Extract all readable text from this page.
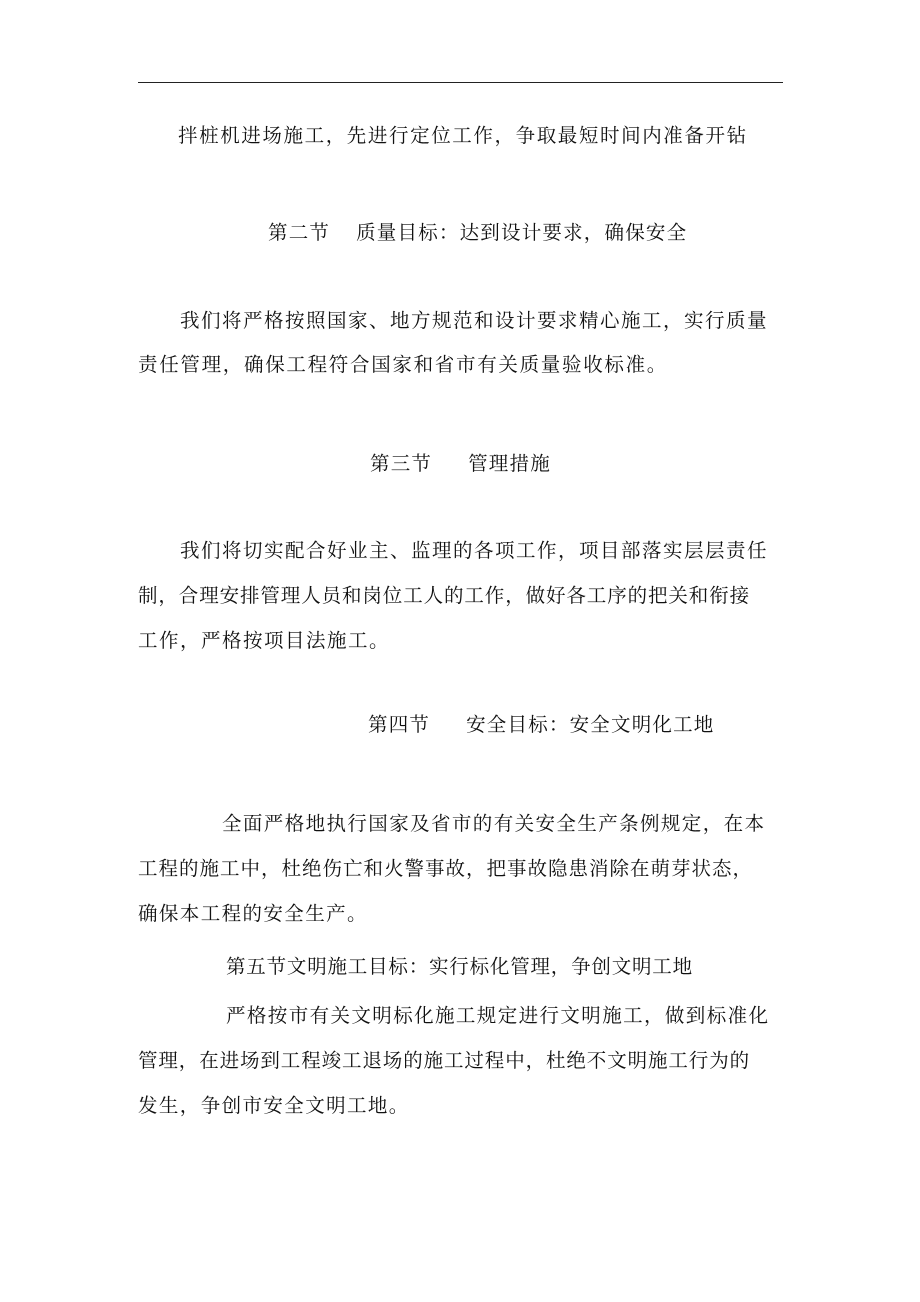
拌桩机进场施工，先进行定位工作，争取最短时间内准备开钻
第二节 质量目标：达到设计要求，确保安全
我们将严格按照国家、地方规范和设计要求精心施工，实行质量
责任管理，确保工程符合国家和省市有关质量验收标准。
第三节 管理措施
我们将切实配合好业主、监理的各项工作，项目部落实层层责任
制，合理安排管理人员和岗位工人的工作，做好各工序的把关和衔接
工作，严格按项目法施工。
第四节 安全目标：安全文明化工地
全面严格地执行国家及省市的有关安全生产条例规定，在本
工程的施工中，杜绝伤亡和火警事故，把事故隐患消除在萌芽状态，
确保本工程的安全生产。
第五节文明施工目标：实行标化管理，争创文明工地
严格按市有关文明标化施工规定进行文明施工，做到标准化
管理，在进场到工程竣工退场的施工过程中，杜绝不文明施工行为的
发生，争创市安全文明工地。
